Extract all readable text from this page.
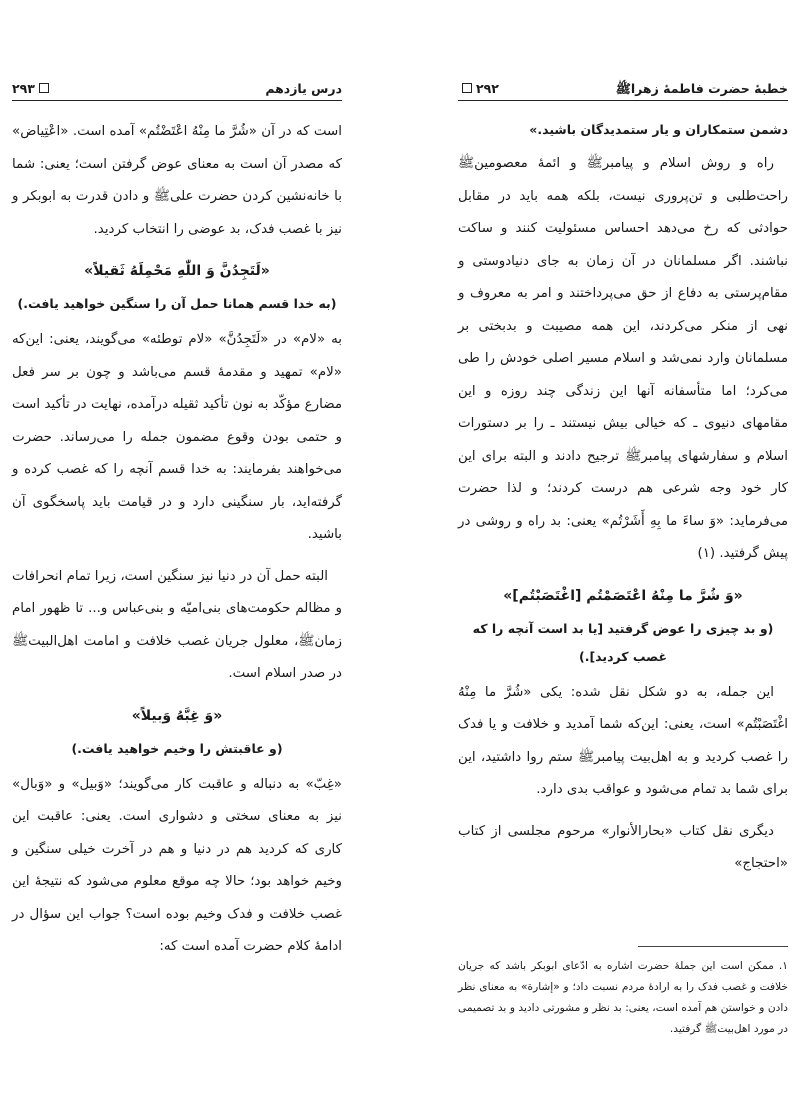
درس یازدهم
۲۹۳

است که در آن «شُرَّ ما مِنْهُ اعْتَضْتُم» آمده است. «اعْتِیاض» که مصدر آن است به معنای عوض گرفتن است؛ یعنی: شما با خانه‌نشین کردن حضرت علیﷺ و دادن قدرت به ابوبکر و نیز با غصب فدک، بد عوضی را انتخاب کردید.

«لَتَجِدُنَّ وَ اللّٰهِ مَحْمِلَهُ ثَقیلاً»
(به خدا قسم همانا حمل آن را سنگین خواهید یافت.)

به «لام» در «لَتَجِدُنَّ» «لام توطئه» می‌گویند، یعنی: این‌که «لام» تمهید و مقدمهٔ قسم می‌باشد و چون بر سر فعل مضارع مؤکّد به نون تأکید ثقیله درآمده، نهایت در تأکید است و حتمی بودن وقوع مضمون جمله را می‌رساند. حضرت می‌خواهند بفرمایند: به خدا قسم آنچه را که غصب کرده و گرفته‌اید، بار سنگینی دارد و در قیامت باید پاسخگوی آن باشید.

البته حمل آن در دنیا نیز سنگین است، زیرا تمام انحرافات و مظالم حکومت‌های بنی‌امیّه و بنی‌عباس و... تا ظهور امام زمانﷺ، معلول جریان غصب خلافت و امامت اهل‌البیتﷺ در صدر اسلام است.

«وَ غِبَّهُ وَبیلاً»
(و عاقبتش را وخیم خواهید یافت.)

«غِبّ» به دنباله و عاقبت کار می‌گویند؛ «وَبیل» و «وَبال» نیز به معنای سختی و دشواری است. یعنی: عاقبت این کاری که کردید هم در دنیا و هم در آخرت خیلی سنگین و وخیم خواهد بود؛ حالا چه موقع معلوم می‌شود که نتیجهٔ این غصب خلافت و فدک وخیم بوده است؟ جواب این سؤال در ادامهٔ کلام حضرت آمده است که:

خطبهٔ حضرت فاطمهٔ زهراﷺ
۲۹۲
دشمن ستمکاران و یار ستمدیدگان باشید.»

راه و روش اسلام و پیامبرﷺ و ائمهٔ معصومینﷺ راحت‌طلبی و تن‌پروری نیست، بلکه همه باید در مقابل حوادثی که رخ می‌دهد احساس مسئولیت کنند و ساکت نباشند. اگر مسلمانان در آن زمان به جای دنیادوستی و مقام‌پرستی به دفاع از حق می‌پرداختند و امر به معروف و نهی از منکر می‌کردند، این همه مصیبت و بدبختی بر مسلمانان وارد نمی‌شد و اسلام مسیر اصلی خودش را طی می‌کرد؛ اما متأسفانه آنها این زندگی چند روزه و این مقامهای دنیوی ـ که خیالی بیش نیستند ـ را بر دستورات اسلام و سفارشهای پیامبرﷺ ترجیح دادند و البته برای این کار خود وجه شرعی هم درست کردند؛ و لذا حضرت می‌فرماید: «وَ ساءَ ما بِهِ أَشَرْتُم» یعنی: بد راه و روشی در پیش گرفتید. (۱)

«وَ شُرَّ ما مِنْهُ اعْتَصَمْتُم [اغْتَصَبْتُم]»
(و بد چیزی را عوض گرفتید [یا بد است آنچه را که غصب کردید].)

این جمله، به دو شکل نقل شده: یکی «شُرَّ ما مِنْهُ اغْتَصَبْتُم» است، یعنی: این‌که شما آمدید و خلافت و یا فدک را غصب کردید و به اهل‌بیت پیامبرﷺ ستم روا داشتید، این برای شما بد تمام می‌شود و عواقب بدی دارد.

دیگری نقل کتاب «بحارالأنوار» مرحوم مجلسی از کتاب «احتجاج»

۱. ممکن است این جملهٔ حضرت اشاره به ادّعای ابوبکر باشد که جریان خلافت و غصب فدک را به ارادهٔ مردم نسبت داد؛ و «إشارة» به معنای نظر دادن و خواستن هم آمده است، یعنی: بد نظر و مشورتی دادید و بد تصمیمی در مورد اهل‌بیتﷺ گرفتید.
